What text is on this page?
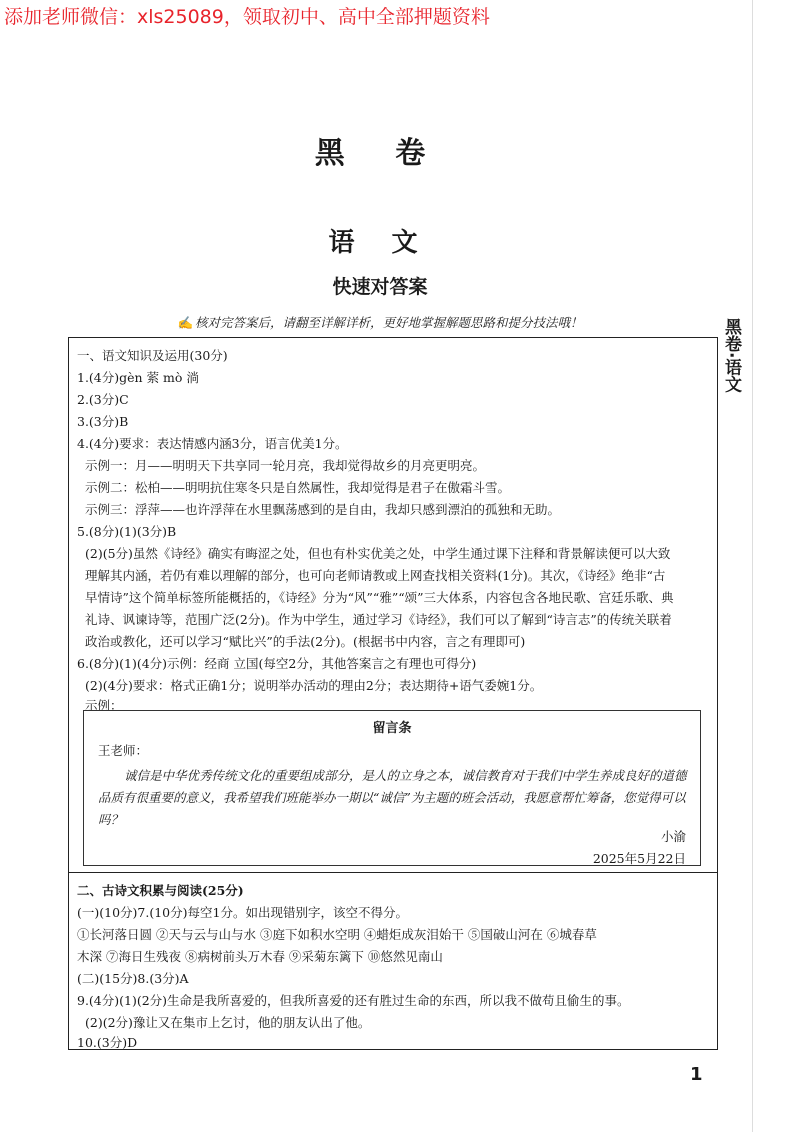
添加老师微信：xls25089，领取初中、高中全部押题资料
黑 卷
语 文
快速对答案
✍ 核对完答案后，请翻至详解详析，更好地掌握解题思路和提分技法哦！	黑卷·语文
一、语文知识及运用(30分)
1.(4分)gèn 萦 mò 淌
2.(3分)C
3.(3分)B
4.(4分)要求：表达情感内涵3分，语言优美1分。
示例一：月——明明天下共享同一轮月亮，我却觉得故乡的月亮更明亮。
示例二：松柏——明明抗住寒冬只是自然属性，我却觉得是君子在傲霜斗雪。
示例三：浮萍——也许浮萍在水里飘荡感到的是自由，我却只感到漂泊的孤独和无助。
5.(8分)(1)(3分)B
(2)(5分)虽然《诗经》确实有晦涩之处，但也有朴实优美之处，中学生通过课下注释和背景解读便可以大致
理解其内涵，若仍有难以理解的部分，也可向老师请教或上网查找相关资料(1分)。其次，《诗经》绝非“古
早情诗”这个简单标签所能概括的，《诗经》分为“风”“雅”“颂”三大体系，内容包含各地民歌、宫廷乐歌、典
礼诗、讽谏诗等，范围广泛(2分)。作为中学生，通过学习《诗经》，我们可以了解到“诗言志”的传统关联着
政治或教化，还可以学习“赋比兴”的手法(2分)。(根据书中内容，言之有理即可)
6.(8分)(1)(4分)示例：经商 立国(每空2分，其他答案言之有理也可得分)
(2)(4分)要求：格式正确1分；说明举办活动的理由2分；表达期待+语气委婉1分。
示例：
留言条
王老师：
诚信是中华优秀传统文化的重要组成部分，是人的立身之本，诚信教育对于我们中学生养成良好的道德品质有很重要的意义，我希望我们班能举办一期以“诚信”为主题的班会活动，我愿意帮忙筹备，您觉得可以吗？
小渝
2025年5月22日
二、古诗文积累与阅读(25分)
(一)(10分)7.(10分)每空1分。如出现错别字，该空不得分。
①长河落日圆 ②天与云与山与水 ③庭下如积水空明 ④蜡炬成灰泪始干 ⑤国破山河在 ⑥城春草
木深 ⑦海日生残夜 ⑧病树前头万木春 ⑨采菊东篱下 ⑩悠然见南山
(二)(15分)8.(3分)A
9.(4分)(1)(2分)生命是我所喜爱的，但我所喜爱的还有胜过生命的东西，所以我不做苟且偷生的事。
(2)(2分)豫让又在集市上乞讨，他的朋友认出了他。
10.(3分)D
1
